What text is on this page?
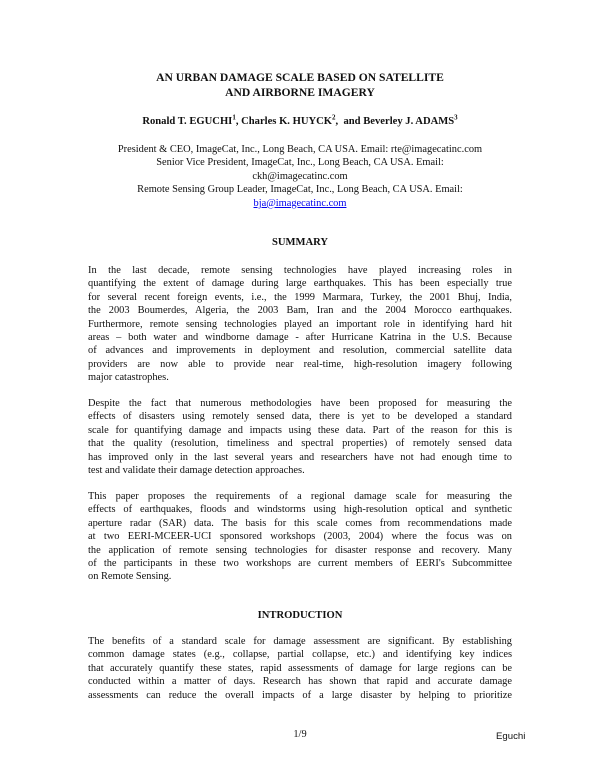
AN URBAN DAMAGE SCALE BASED ON SATELLITE
AND AIRBORNE IMAGERY
Ronald T. EGUCHI$^1$, Charles K. HUYCK$^2$,  and Beverley J. ADAMS$^3$
President & CEO, ImageCat, Inc., Long Beach, CA USA. Email: rte@imagecatinc.com
Senior Vice President, ImageCat, Inc., Long Beach, CA USA. Email:
ckh@imagecatinc.com
Remote Sensing Group Leader, ImageCat, Inc., Long Beach, CA USA. Email:
bja@imagecatinc.com
SUMMARY
In the last decade, remote sensing technologies have played increasing roles in
quantifying the extent of damage during large earthquakes. This has been especially true
for several recent foreign events, i.e., the 1999 Marmara, Turkey, the 2001 Bhuj, India,
the 2003 Boumerdes, Algeria, the 2003 Bam, Iran and the 2004 Morocco earthquakes.
Furthermore, remote sensing technologies played an important role in identifying hard hit
areas – both water and windborne damage - after Hurricane Katrina in the U.S. Because
of advances and improvements in deployment and resolution, commercial satellite data
providers are now able to provide near real-time, high-resolution imagery following
major catastrophes.
Despite the fact that numerous methodologies have been proposed for measuring the
effects of disasters using remotely sensed data, there is yet to be developed a standard
scale for quantifying damage and impacts using these data. Part of the reason for this is
that the quality (resolution, timeliness and spectral properties) of remotely sensed data
has improved only in the last several years and researchers have not had enough time to
test and validate their damage detection approaches.
This paper proposes the requirements of a regional damage scale for measuring the
effects of earthquakes, floods and windstorms using high-resolution optical and synthetic
aperture radar (SAR) data. The basis for this scale comes from recommendations made
at two EERI-MCEER-UCI sponsored workshops (2003, 2004) where the focus was on
the application of remote sensing technologies for disaster response and recovery. Many
of the participants in these two workshops are current members of EERI's Subcommittee
on Remote Sensing.
INTRODUCTION
The benefits of a standard scale for damage assessment are significant. By establishing
common damage states (e.g., collapse, partial collapse, etc.) and identifying key indices
that accurately quantify these states, rapid assessments of damage for large regions can be
conducted within a matter of days. Research has shown that rapid and accurate damage
assessments can reduce the overall impacts of a large disaster by helping to prioritize
1/9	Eguchi
